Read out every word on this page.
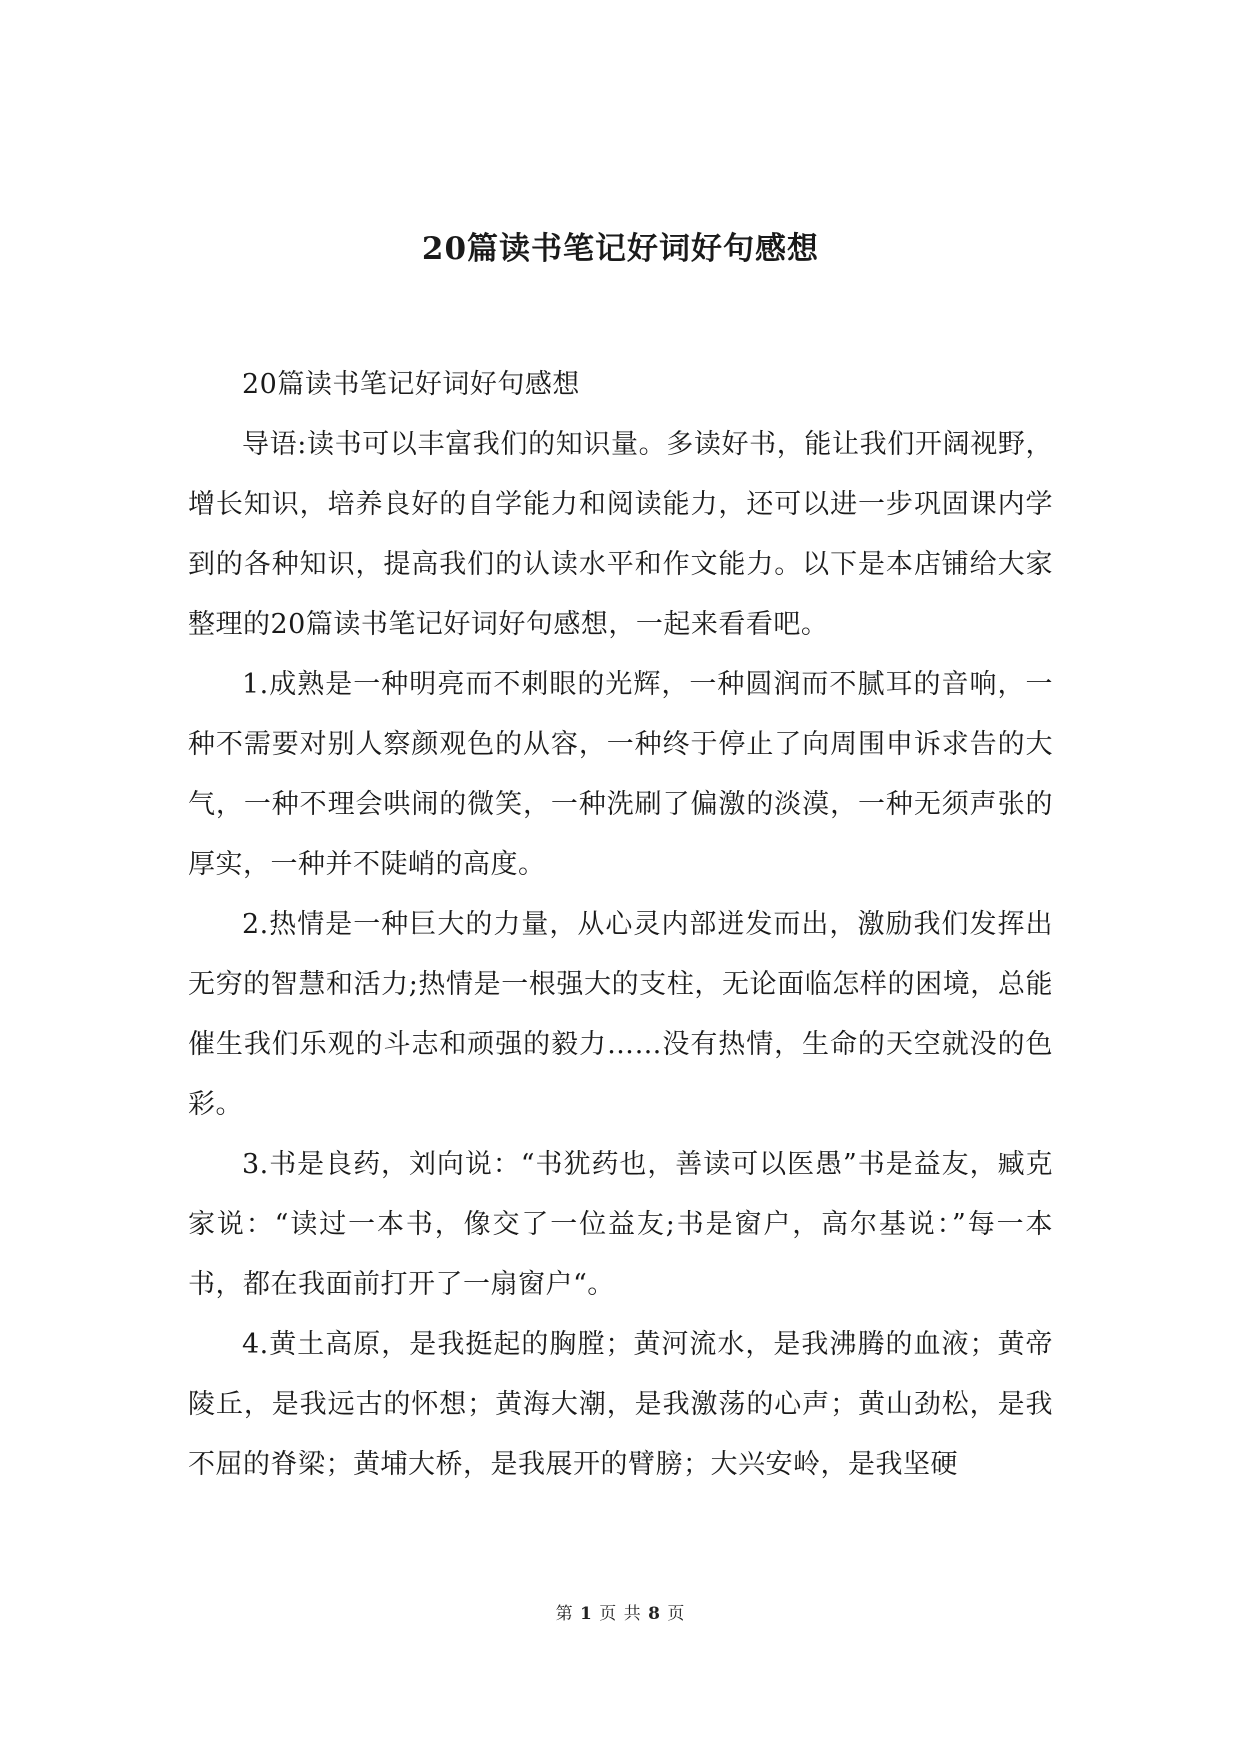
20篇读书笔记好词好句感想

20篇读书笔记好词好句感想

导语:读书可以丰富我们的知识量。多读好书，能让我们开阔视野，增长知识，培养良好的自学能力和阅读能力，还可以进一步巩固课内学到的各种知识，提高我们的认读水平和作文能力。以下是本店铺给大家整理的20篇读书笔记好词好句感想，一起来看看吧。

1.成熟是一种明亮而不刺眼的光辉，一种圆润而不腻耳的音响，一种不需要对别人察颜观色的从容，一种终于停止了向周围申诉求告的大气，一种不理会哄闹的微笑，一种洗刷了偏激的淡漠，一种无须声张的厚实，一种并不陡峭的高度。

2.热情是一种巨大的力量，从心灵内部迸发而出，激励我们发挥出无穷的智慧和活力;热情是一根强大的支柱，无论面临怎样的困境，总能催生我们乐观的斗志和顽强的毅力……没有热情，生命的天空就没的色彩。

3.书是良药，刘向说：“书犹药也，善读可以医愚”书是益友，臧克家说：“读过一本书，像交了一位益友;书是窗户，高尔基说：”每一本书，都在我面前打开了一扇窗户“。

4.黄土高原，是我挺起的胸膛；黄河流水，是我沸腾的血液；黄帝陵丘，是我远古的怀想；黄海大潮，是我激荡的心声；黄山劲松，是我不屈的脊梁；黄埔大桥，是我展开的臂膀；大兴安岭，是我坚硬

第 1 页 共 8 页
